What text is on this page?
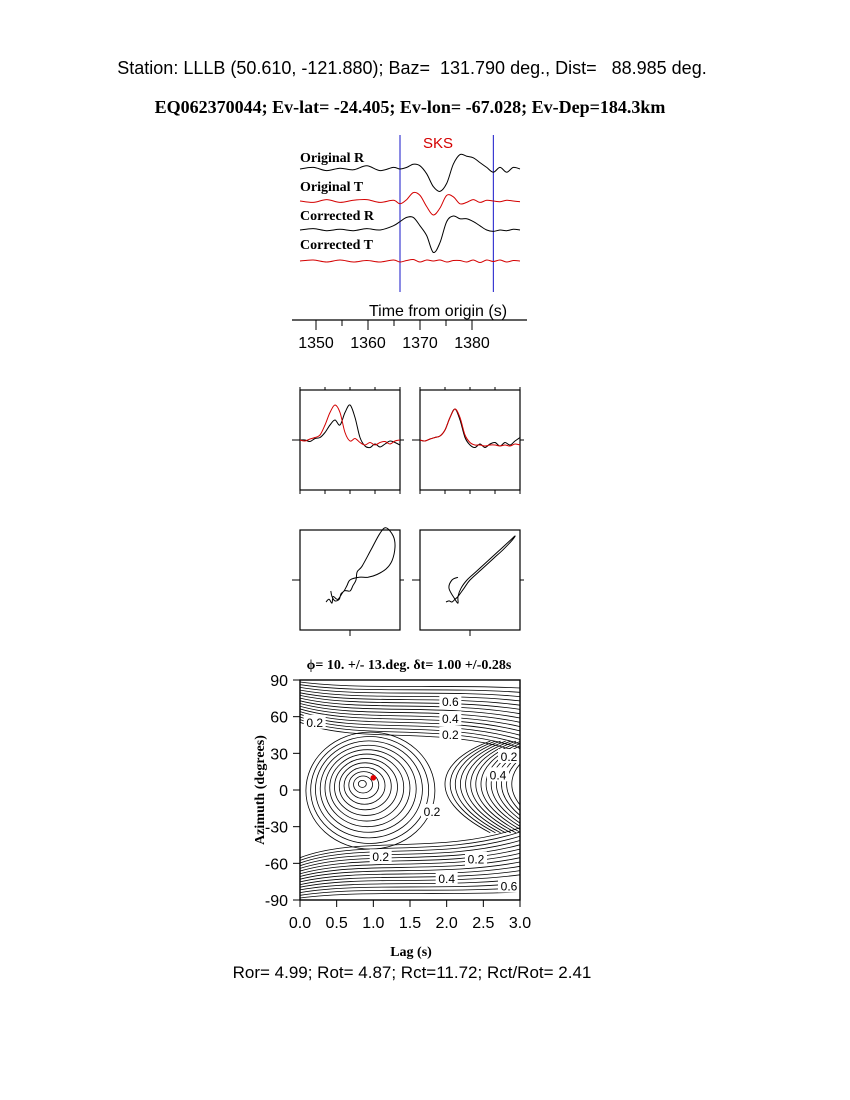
Station: LLLB (50.610, -121.880); Baz=  131.790 deg., Dist=   88.985 deg.
EQ062370044; Ev-lat= -24.405; Ev-lon= -67.028; Ev-Dep=184.3km
SKS
Original R
Original T
Corrected R
Corrected T
Time from origin (s)
1350 1360 1370 1380
ϕ= 10. +/- 13.deg. δt= 1.00 +/-0.28s
0.6
0.4
0.2
0.2
0.2
0.4
0.2
0.2	0.2
0.4
0.6
0.0 0.5 1.0 1.5 2.0 2.5 3.0
90
60
30
0
-30
-60
-90
Lag (s)
Azimuth (degrees)
Ror= 4.99; Rot= 4.87; Rct=11.72; Rct/Rot= 2.41
